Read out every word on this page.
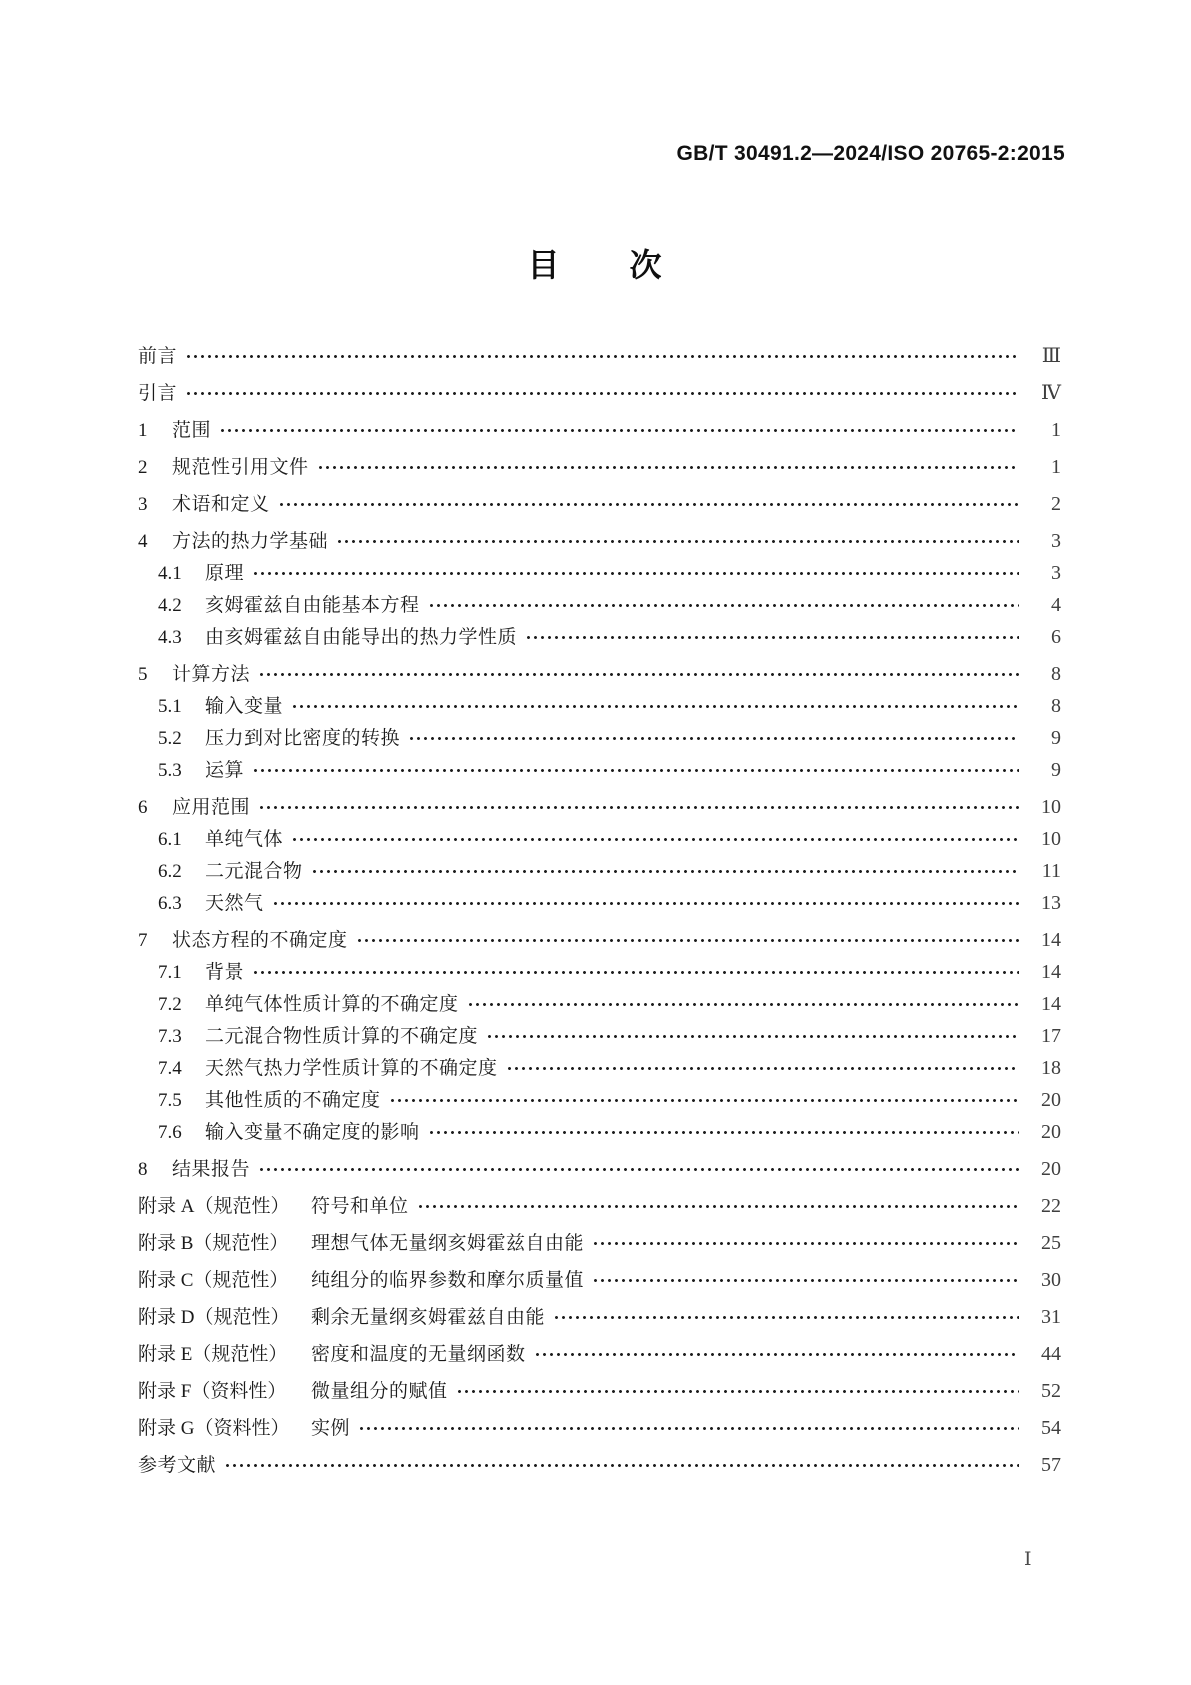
GB/T 30491.2—2024/ISO 20765-2:2015
目　　次
前言	Ⅲ
引言	Ⅳ
1	范围	1
2	规范性引用文件	1
3	术语和定义	2
4	方法的热力学基础	3
4.1	原理	3
4.2	亥姆霍兹自由能基本方程	4
4.3	由亥姆霍兹自由能导出的热力学性质	6
5	计算方法	8
5.1	输入变量	8
5.2	压力到对比密度的转换	9
5.3	运算	9
6	应用范围	10
6.1	单纯气体	10
6.2	二元混合物	11
6.3	天然气	13
7	状态方程的不确定度	14
7.1	背景	14
7.2	单纯气体性质计算的不确定度	14
7.3	二元混合物性质计算的不确定度	17
7.4	天然气热力学性质计算的不确定度	18
7.5	其他性质的不确定度	20
7.6	输入变量不确定度的影响	20
8	结果报告	20
附录 A（规范性）	符号和单位	22
附录 B（规范性）	理想气体无量纲亥姆霍兹自由能	25
附录 C（规范性）	纯组分的临界参数和摩尔质量值	30
附录 D（规范性）	剩余无量纲亥姆霍兹自由能	31
附录 E（规范性）	密度和温度的无量纲函数	44
附录 F（资料性）	微量组分的赋值	52
附录 G（资料性）	实例	54
参考文献	57
Ⅰ
